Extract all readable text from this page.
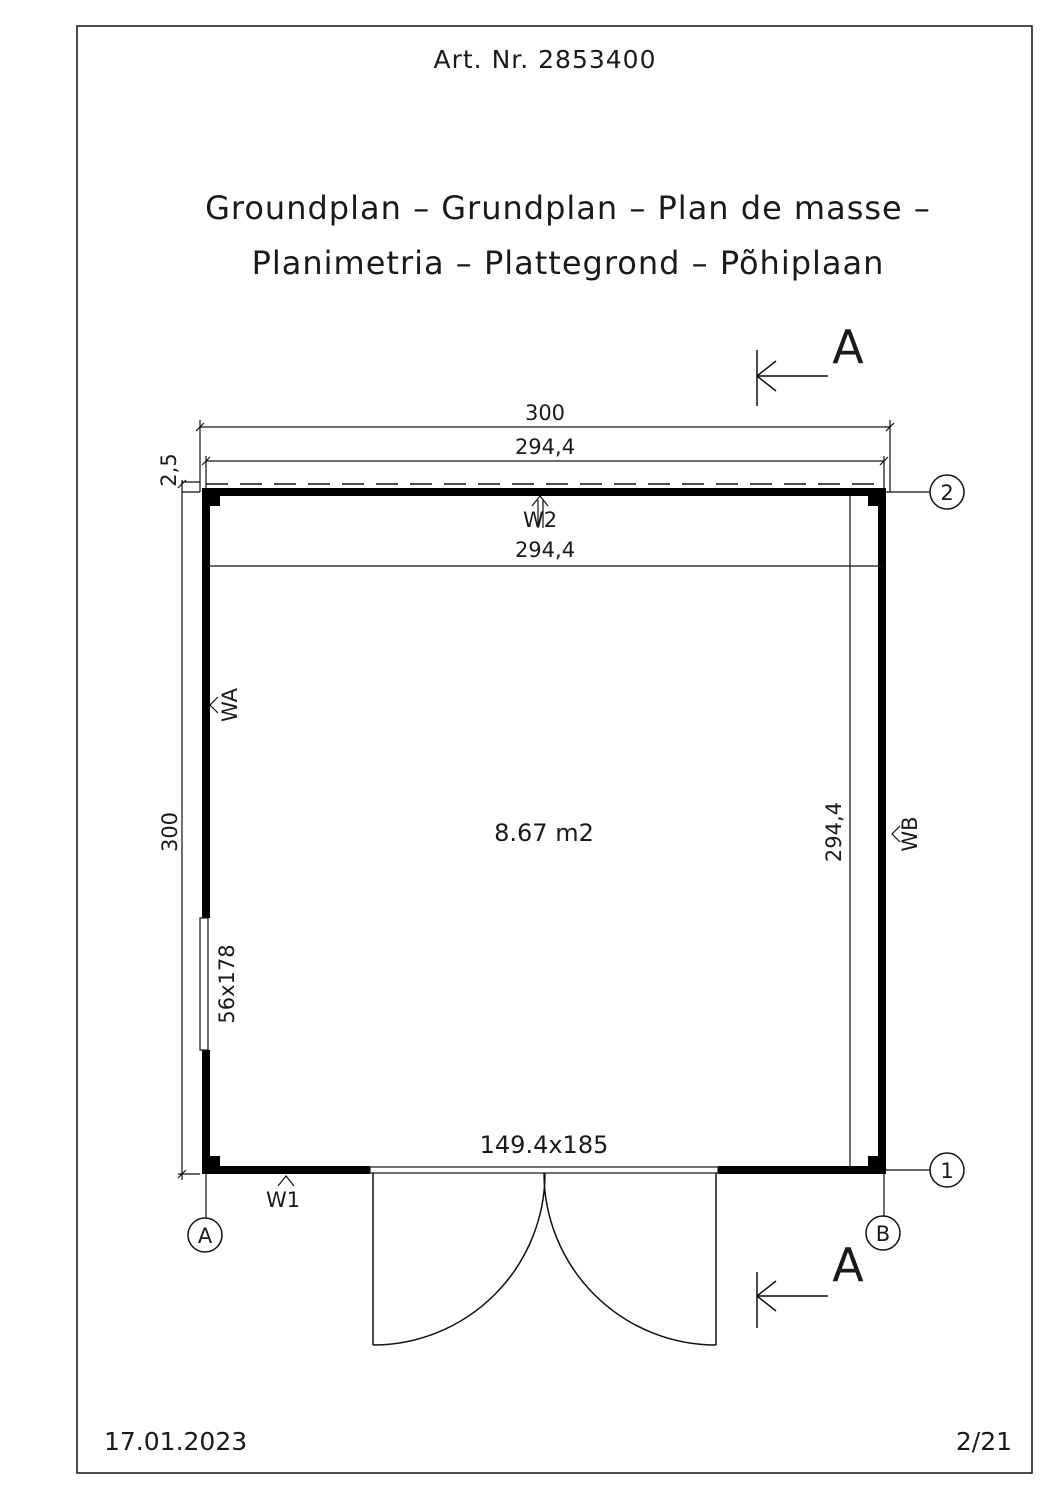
Art. Nr. 2853400
Groundplan – Grundplan – Plan de masse –
Planimetria – Plattegrond – Põhiplaan
A
A
300
294,4
2,5
56x178
294,4
300	294,4
8.67 m2
W2
WA
WB
W1
149.4x185
2
1
A	B
17.01.2023	2/21
